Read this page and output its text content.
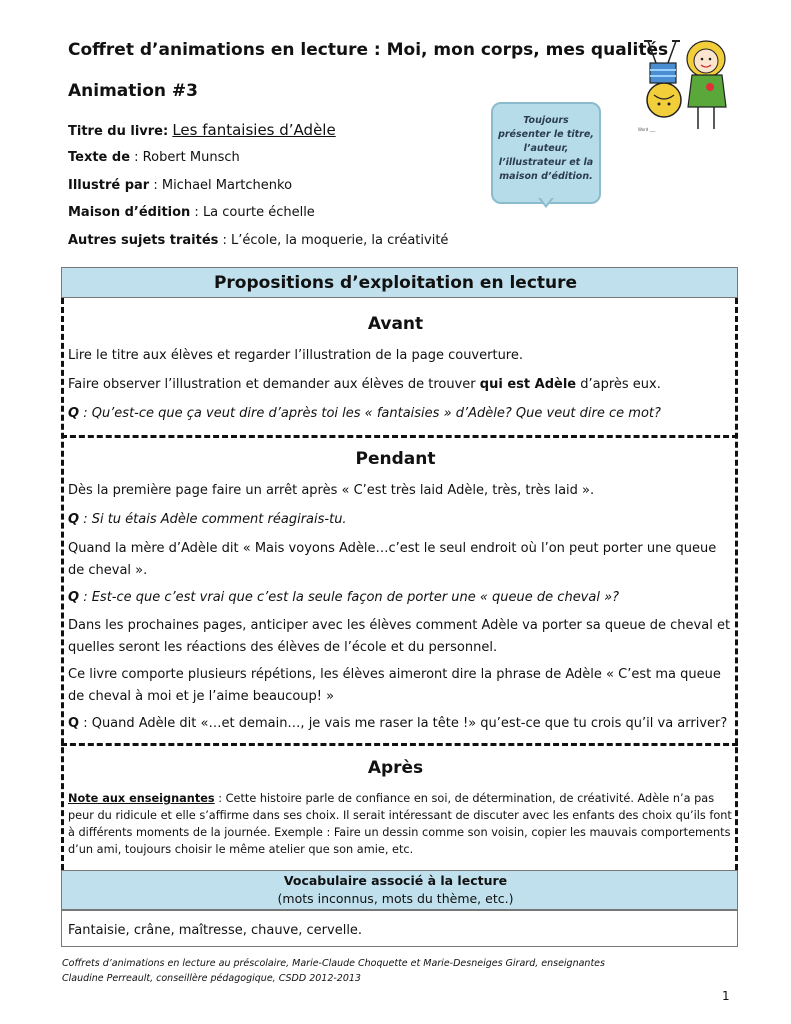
Coffret d’animations en lecture : Moi, mon corps, mes qualités
Animation #3
Titre du livre: Les fantaisies d’Adèle
Texte de : Robert Munsch
Illustré par : Michael Martchenko
Maison d’édition : La courte échelle
Autres sujets traités : L’école, la moquerie, la créativité
Toujours présenter le titre, l’auteur, l’illustrateur et la maison d’édition.
Word ___
Propositions d’exploitation en lecture
Avant
Lire le titre aux élèves et regarder l’illustration de la page couverture.
Faire observer l’illustration et demander aux élèves de trouver qui est Adèle d’après eux.
Q : Qu’est-ce que ça veut dire d’après toi les « fantaisies » d’Adèle? Que veut dire ce mot?
Pendant
Dès la première page faire un arrêt après « C’est très laid Adèle, très, très laid ».
Q : Si tu étais Adèle comment réagirais-tu.
Quand la mère d’Adèle dit « Mais voyons Adèle…c’est le seul endroit où l’on peut porter une queue de cheval ».
Q : Est-ce que c’est vrai que c’est la seule façon de porter une « queue de cheval »?
Dans les prochaines pages, anticiper avec les élèves comment Adèle va porter sa queue de cheval et quelles seront les réactions des élèves de l’école et du personnel.
Ce livre comporte plusieurs répétions, les élèves aimeront dire la phrase de Adèle « C’est ma queue de cheval à moi et je l’aime beaucoup! »
Q : Quand Adèle dit «…et demain…, je vais me raser la tête !» qu’est-ce que tu crois qu’il va arriver?
Après
Note aux enseignantes : Cette histoire parle de confiance en soi, de détermination, de créativité. Adèle n’a pas peur du ridicule et elle s’affirme dans ses choix. Il serait intéressant de discuter avec les enfants des choix qu’ils font à différents moments de la journée. Exemple : Faire un dessin comme son voisin, copier les mauvais comportements d’un ami, toujours choisir le même atelier que son amie, etc.
Vocabulaire associé à la lecture
(mots inconnus, mots du thème, etc.)
Fantaisie, crâne, maîtresse, chauve, cervelle.
Coffrets d’animations en lecture au préscolaire, Marie-Claude Choquette et Marie-Desneiges Girard, enseignantes
Claudine Perreault, conseillère pédagogique, CSDD 2012-2013
1
